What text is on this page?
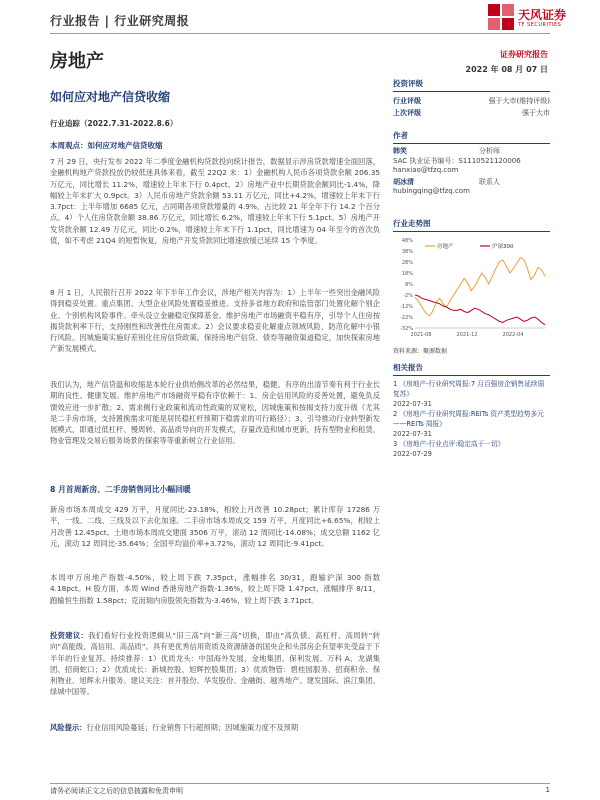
行业报告 | 行业研究周报	天风证券
TF SECURITIES
房地产	证券研究报告
2022 年 08 月 07 日
如何应对地产信贷收缩
行业追踪（2022.7.31-2022.8.6）
本周观点：如何应对地产信贷收缩
7 月 29 日，央行发布 2022 年二季度金融机构贷款投向统计报告，数据显示涉房贷款增速全面回落，金融机构地产贷款投放仍较低迷具体来看，截至 22Q2 末：1）金融机构人民币各项贷款余额 206.35 万亿元，同比增长 11.2%，增速较上年末下行 0.4pct。2）房地产业中长期贷款余额同比-1.4%，降幅较上年末扩大 0.9pct。3）人民币房地产贷款余额 53.11 万亿元，同比+4.2%，增速较上年末下行 3.7pct：上半年增加 6685 亿元，占同期各项贷款增量的 4.9%，占比较 21 年全年下行 14.2 个百分点。4）个人住房贷款余额 38.86 万亿元，同比增长 6.2%，增速较上年末下行 5.1pct。5）房地产开发贷款余额 12.49 万亿元，同比-0.2%，增速较上年末下行 1.1pct，同比增速为 04 年至今的首次负值，如不考虑 21Q4 的短暂恢复，房地产开发贷款同比增速放缓已延续 15 个季度。
8 月 1 日，人民银行召开 2022 年下半年工作会议，涉地产相关内容为：1）上半年一些突出金融风险得到稳妥处置。重点集团、大型企业风险处置稳妥推进。支持多省地方政府和监管部门处置化解个别企业、个别机构风险事件。牵头设立金融稳定保障基金。维护房地产市场融资平稳有序，引导个人住房按揭贷款利率下行，支持刚性和改善性住房需求。2）会议要求稳妥化解重点领域风险，防范化解中小银行风险。因城施策实施好差别化住房信贷政策。保持房地产信贷、债券等融资渠道稳定，加快探索房地产新发展模式。
我们认为，地产信贷温和收缩是本轮行业供给侧改革的必然结果，稳健、有序的出清节奏有利于行业长期的良性、健康发展。维护房地产市场融资平稳有序依赖于：1、房企信用风险的妥善处置，避免负反馈效应进一步扩散；2、需求侧行业政策和流动性政策的双宽松，因城施策和按揭支持力度升级（尤其是二手房市场，支持置换需求可能是居民稳杠杆预期下稳需求的可行路径）；3、引导推动行业转型新发展模式，即通过低杠杆、慢周转、高品质导向的开发模式，存量改造和城市更新，持有型物业和租赁，物业管理及交易后服务场景的探索等等重新树立行业信用。
8 月首周新房、二手房销售同比小幅回暖
新房市场本周成交 429 万平，月度同比-23.18%，相较上月改善 10.28pct；累计库存 17286 万平，一线、二线、三线及以下去化加速。二手房市场本周成交 159 万平，月度同比+6.65%，相较上月改善 12.45pct。土地市场本周成交建面 3506 万平，滚动 12 周同比-14.08%；成交总额 1162 亿元，滚动 12 周同比-35.64%；全国平均溢价率+3.72%，滚动 12 周同比-9.41pct。
本周申万房地产指数-4.50%，较上周下跌 7.35pct，涨幅排名 30/31，跑输沪深 300 指数 4.18pct。H 股方面，本周 Wind 香港房地产指数-1.36%，较上周下降 1.47pct，涨幅排序 8/11，跑输恒生指数 1.58pct；克而瑞内房股领先指数为-3.46%，较上周下跌 3.71pct。
投资建议：我们看好行业投资逻辑从“旧三高”向“新三高”切换，即由“高负债、高杠杆、高周转”转向“高能级、高信用、高品质”。具有更优秀信用资质及资源储备的国央企和头部房企有望率先受益于下半年的行业复苏。持续推荐：1）优质龙头：中国海外发展、金地集团、保利发展、万科 A、龙湖集团、招商蛇口；2）优质成长：新城控股、旭辉控股集团；3）优质物管：碧桂园服务、招商积余、保利物业、旭辉永升服务。建议关注：首开股份、华发股份、金融街、越秀地产、建发国际、滨江集团、绿城中国等。
风险提示：行业信用风险蔓延；行业销售下行超预期；因城施策力度不及预期
投资评级
行业评级	强于大市(维持评级)
上次评级	强于大市
作者
韩笑	分析师
SAC 执业证书编号：S1110521120006
hanxiao@tfzq.com
胡冰清	联系人
hubingqing@tfzq.com
行业走势图
48%
38%
28%
18%
8%
-2%
-12%
-22%
-32%
2021-08	2021-12	2022-04
房地产	沪深300
资料来源：聚源数据
相关报告
1 《房地产-行业研究周报:7 月百强房企销售延续弱复苏》
2022-07-31
2 《房地产-行业研究周报:REITs 资产类型趋势多元——REITs 周报》
2022-07-31
3 《房地产-行业点评:稳定高于一切》
2022-07-29
请务必阅读正文之后的信息披露和免责申明	1
